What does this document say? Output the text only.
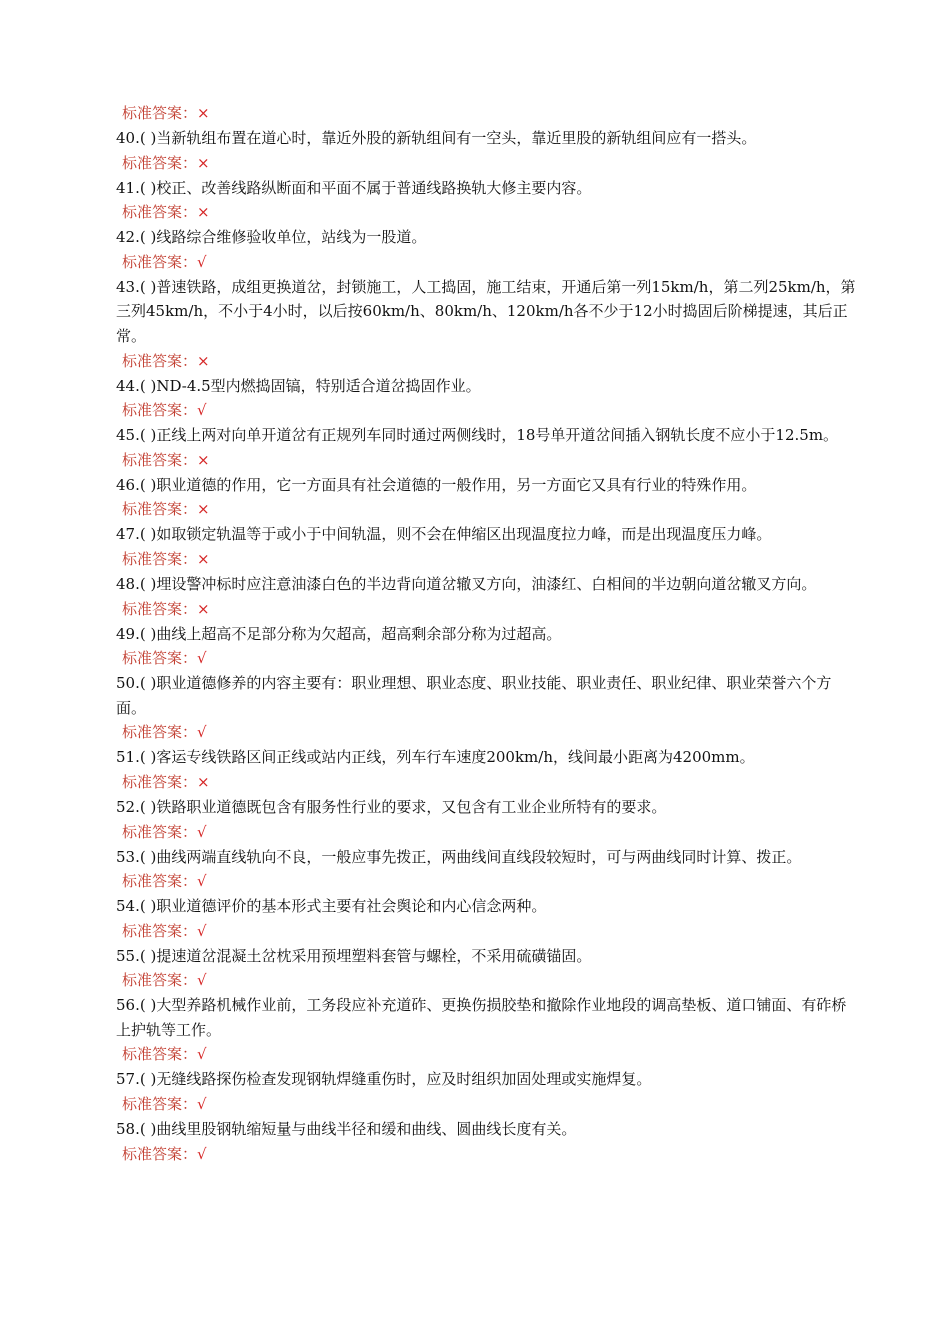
标准答案：×
40.( )当新轨组布置在道心时，靠近外股的新轨组间有一空头，靠近里股的新轨组间应有一搭头。
标准答案：×
41.( )校正、改善线路纵断面和平面不属于普通线路换轨大修主要内容。
标准答案：×
42.( )线路综合维修验收单位，站线为一股道。
标准答案：√
43.( )普速铁路，成组更换道岔，封锁施工，人工捣固，施工结束，开通后第一列15km/h，第二列25km/h，第三列45km/h，不小于4小时，以后按60km/h、80km/h、120km/h各不少于12小时捣固后阶梯提速，其后正常。
标准答案：×
44.( )ND-4.5型内燃捣固镐，特别适合道岔捣固作业。
标准答案：√
45.( )正线上两对向单开道岔有正规列车同时通过两侧线时，18号单开道岔间插入钢轨长度不应小于12.5m。
标准答案：×
46.( )职业道德的作用，它一方面具有社会道德的一般作用，另一方面它又具有行业的特殊作用。
标准答案：×
47.( )如取锁定轨温等于或小于中间轨温，则不会在伸缩区出现温度拉力峰，而是出现温度压力峰。
标准答案：×
48.( )埋设警冲标时应注意油漆白色的半边背向道岔辙叉方向，油漆红、白相间的半边朝向道岔辙叉方向。
标准答案：×
49.( )曲线上超高不足部分称为欠超高，超高剩余部分称为过超高。
标准答案：√
50.( )职业道德修养的内容主要有：职业理想、职业态度、职业技能、职业责任、职业纪律、职业荣誉六个方面。
标准答案：√
51.( )客运专线铁路区间正线或站内正线，列车行车速度200km/h，线间最小距离为4200mm。
标准答案：×
52.( )铁路职业道德既包含有服务性行业的要求，又包含有工业企业所特有的要求。
标准答案：√
53.( )曲线两端直线轨向不良，一般应事先拨正，两曲线间直线段较短时，可与两曲线同时计算、拨正。
标准答案：√
54.( )职业道德评价的基本形式主要有社会舆论和内心信念两种。
标准答案：√
55.( )提速道岔混凝土岔枕采用预埋塑料套管与螺栓，不采用硫磺锚固。
标准答案：√
56.( )大型养路机械作业前，工务段应补充道砟、更换伤损胶垫和撤除作业地段的调高垫板、道口铺面、有砟桥上护轨等工作。
标准答案：√
57.( )无缝线路探伤检查发现钢轨焊缝重伤时，应及时组织加固处理或实施焊复。
标准答案：√
58.( )曲线里股钢轨缩短量与曲线半径和缓和曲线、圆曲线长度有关。
标准答案：√
